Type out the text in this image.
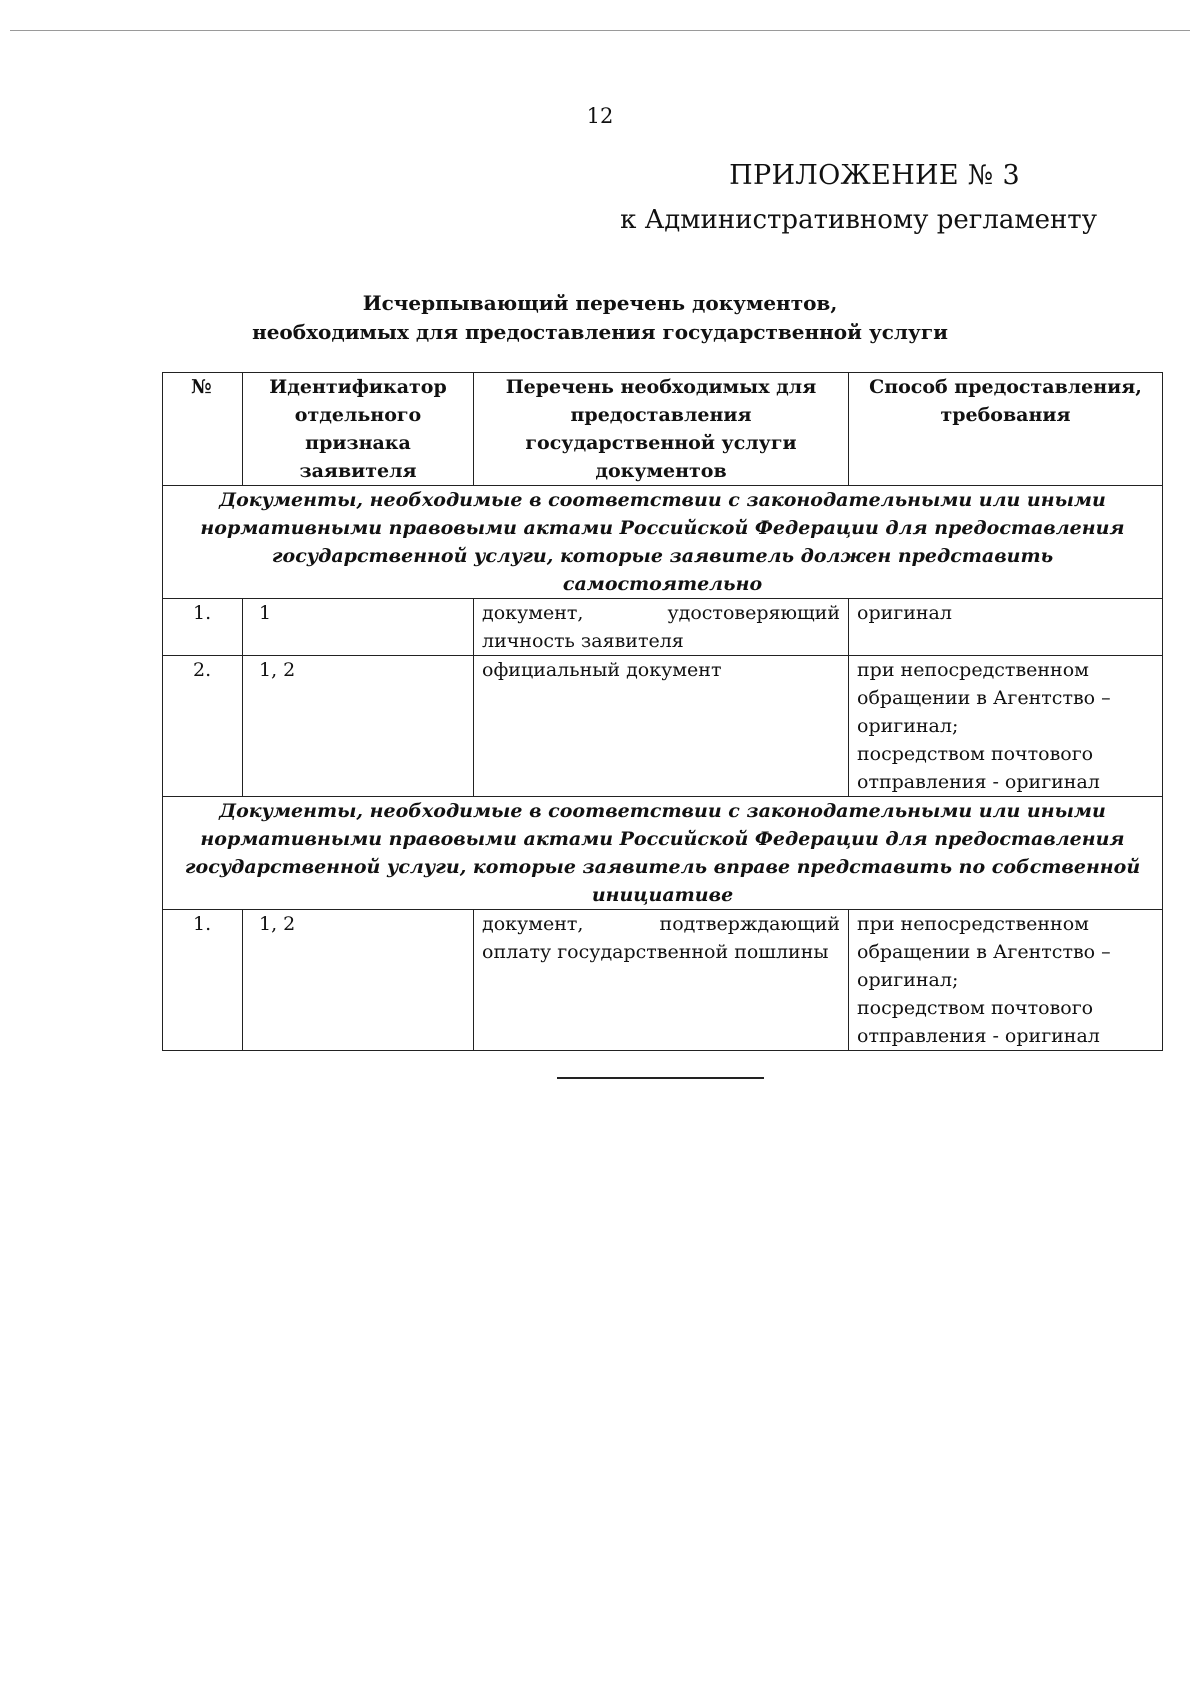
12
ПРИЛОЖЕНИЕ № 3
к Административному регламенту
Исчерпывающий перечень документов,
необходимых для предоставления государственной услуги
№	Идентификатор отдельного признака заявителя	Перечень необходимых для предоставления государственной услуги документов	Способ предоставления, требования
Документы, необходимые в соответствии с законодательными или иными нормативными правовыми актами Российской Федерации для предоставления государственной услуги, которые заявитель должен представить самостоятельно			
1.	1	документ, удостоверяющий личность заявителя	оригинал

2.	1, 2	официальный документ	при непосредственном обращении в Агентство – оригинал;
посредством почтового отправления - оригинал

Документы, необходимые в соответствии с законодательными или иными нормативными правовыми актами Российской Федерации для предоставления государственной услуги, которые заявитель вправе представить по собственной инициативе			
1.	1, 2	документ, подтверждающий оплату государственной пошлины	при непосредственном обращении в Агентство – оригинал;
посредством почтового отправления - оригинал
